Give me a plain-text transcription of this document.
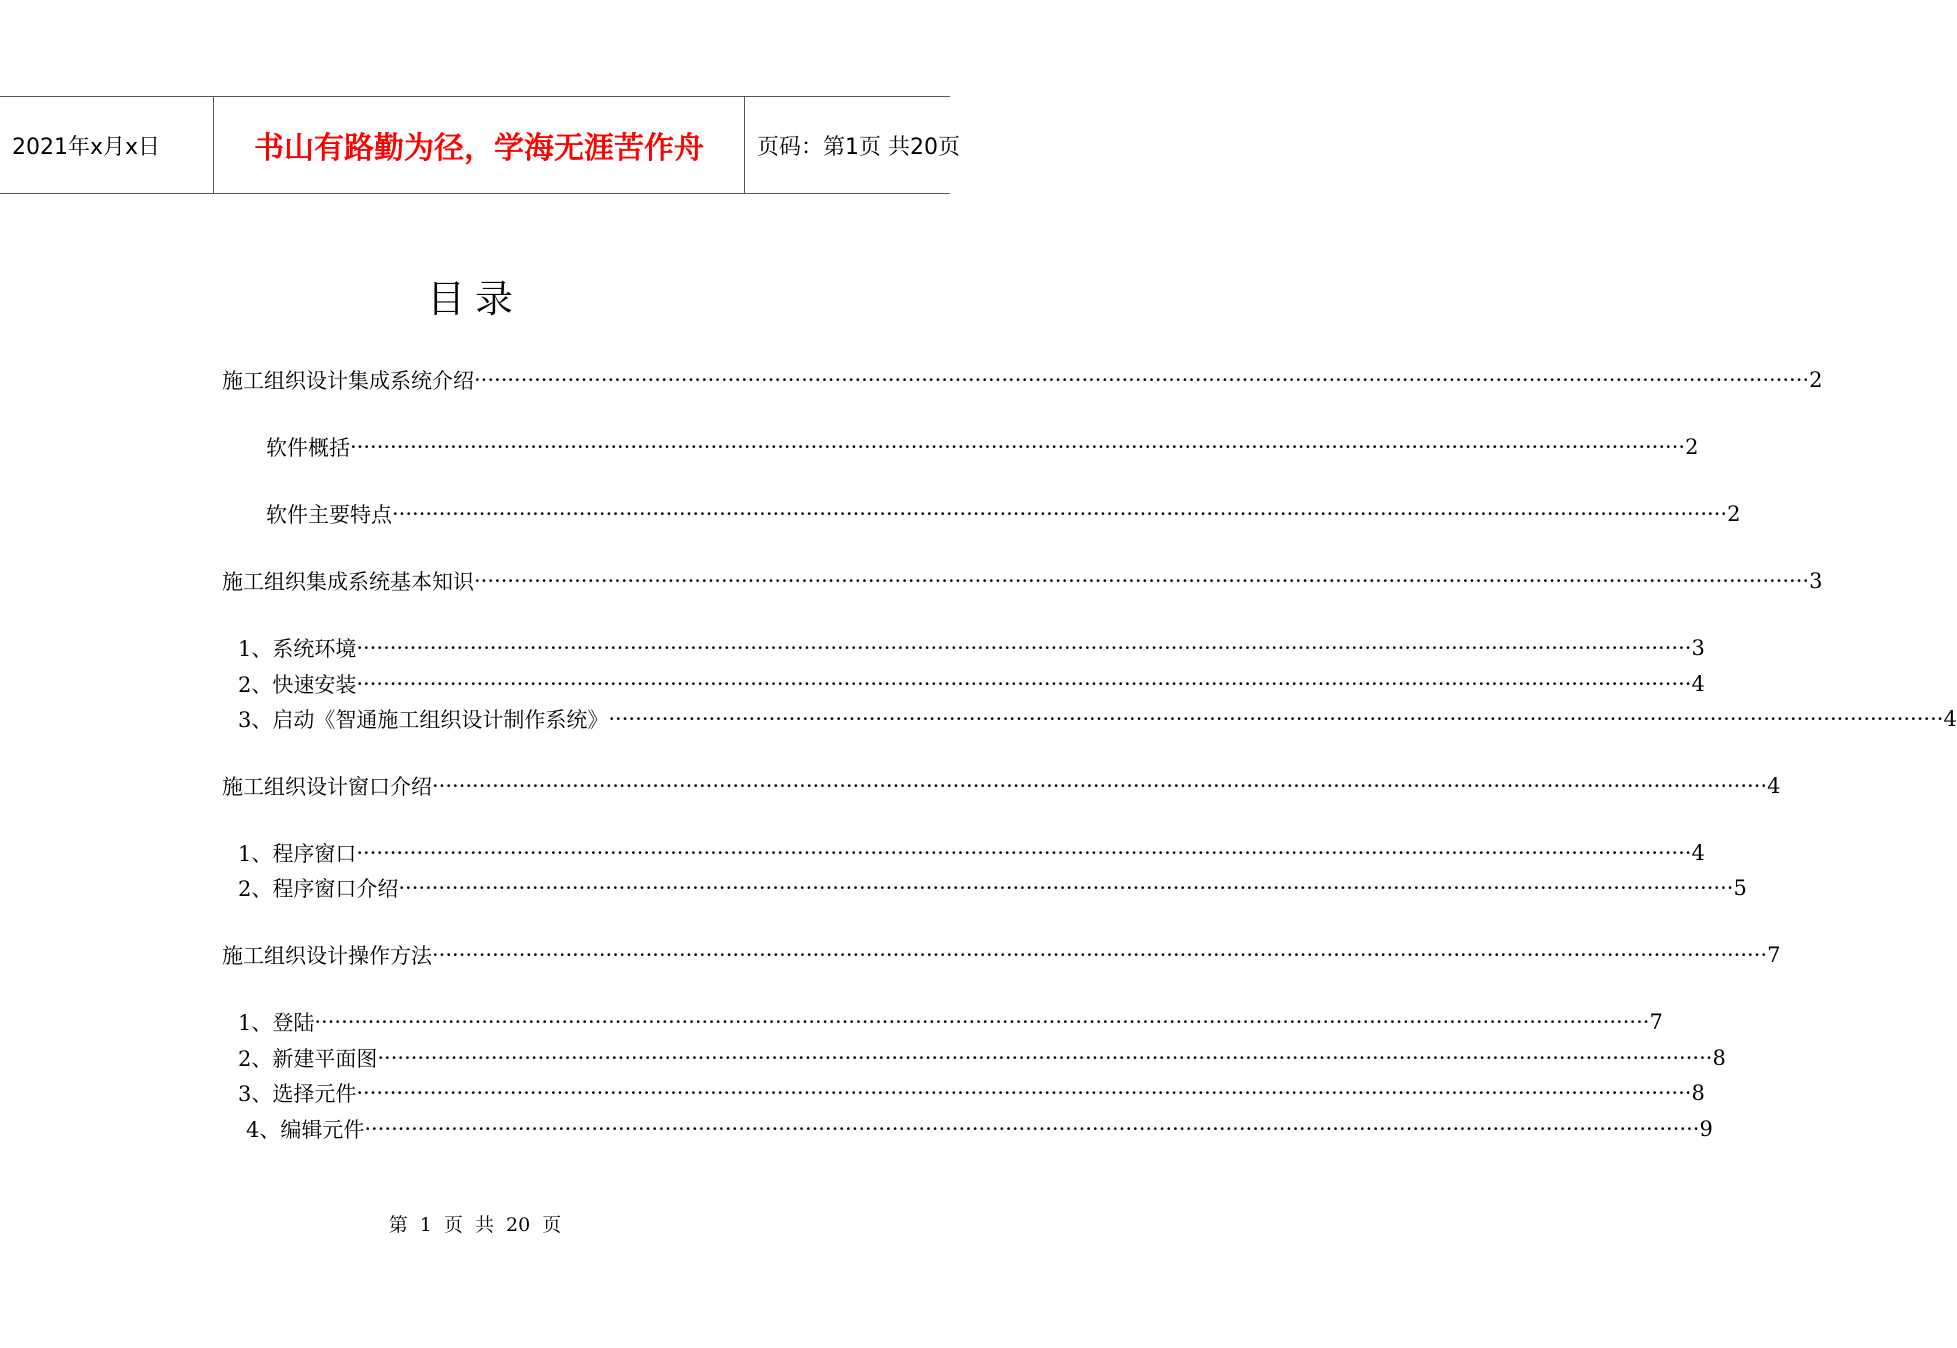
2021年x月x日	书山有路勤为径，学海无涯苦作舟	页码：第1页 共20页
目录
施工组织设计集成系统介绍 ········································································································································································································ 2
软件概括 ········································································································································································································ 2
软件主要特点 ········································································································································································································ 2
施工组织集成系统基本知识 ········································································································································································································ 3
1、 系统环境 ········································································································································································································ 3
2、 快速安装 ········································································································································································································ 4
3、 启动《智通施工组织设计制作系统》 ········································································································································································································ 4
施工组织设计窗口介绍 ········································································································································································································ 4
1、 程序窗口 ········································································································································································································ 4
2、 程序窗口介绍 ········································································································································································································ 5
施工组织设计操作方法 ········································································································································································································ 7
1、 登陆 ········································································································································································································ 7
2、 新建平面图 ········································································································································································································ 8
3、 选择元件 ········································································································································································································ 8
4、 编辑元件 ········································································································································································································ 9
第 1 页 共 20 页
